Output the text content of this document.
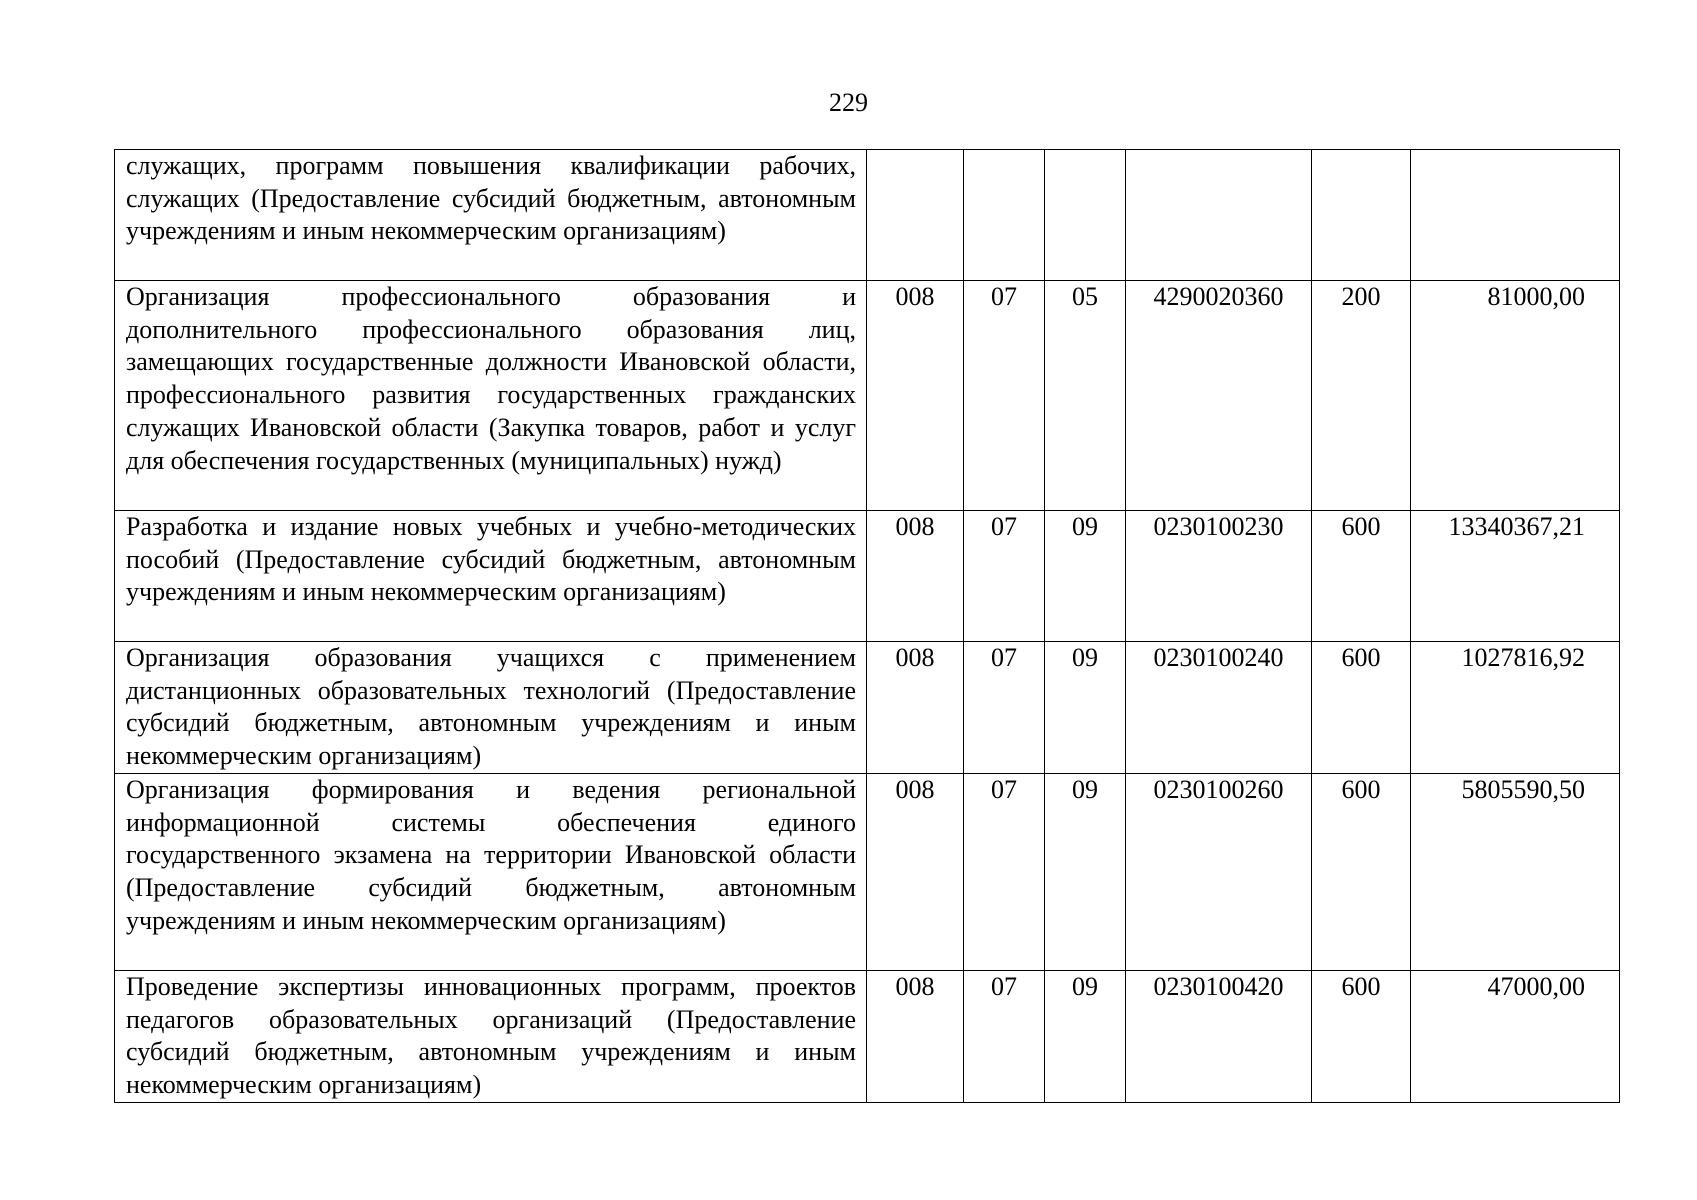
229
служащих, программ повышения квалификации рабочих, служащих (Предоставление субсидий бюджетным, автономным учреждениям и иным некоммерческим организациям)						
Организация профессионального образования и дополнительного профессионального образования лиц, замещающих государственные должности Ивановской области, профессионального развития государственных гражданских служащих Ивановской области (Закупка товаров, работ и услуг для обеспечения государственных (муниципальных) нужд)	008	07	05	4290020360	200	81000,00
Разработка и издание новых учебных и учебно-методических пособий (Предоставление субсидий бюджетным, автономным учреждениям и иным некоммерческим организациям)	008	07	09	0230100230	600	13340367,21
Организация образования учащихся с применением дистанционных образовательных технологий (Предоставление субсидий бюджетным, автономным учреждениям и иным некоммерческим организациям)	008	07	09	0230100240	600	1027816,92
Организация формирования и ведения региональной информационной системы обеспечения единого государственного экзамена на территории Ивановской области (Предоставление субсидий бюджетным, автономным учреждениям и иным некоммерческим организациям)	008	07	09	0230100260	600	5805590,50
Проведение экспертизы инновационных программ, проектов педагогов образовательных организаций (Предоставление субсидий бюджетным, автономным учреждениям и иным некоммерческим организациям)	008	07	09	0230100420	600	47000,00
